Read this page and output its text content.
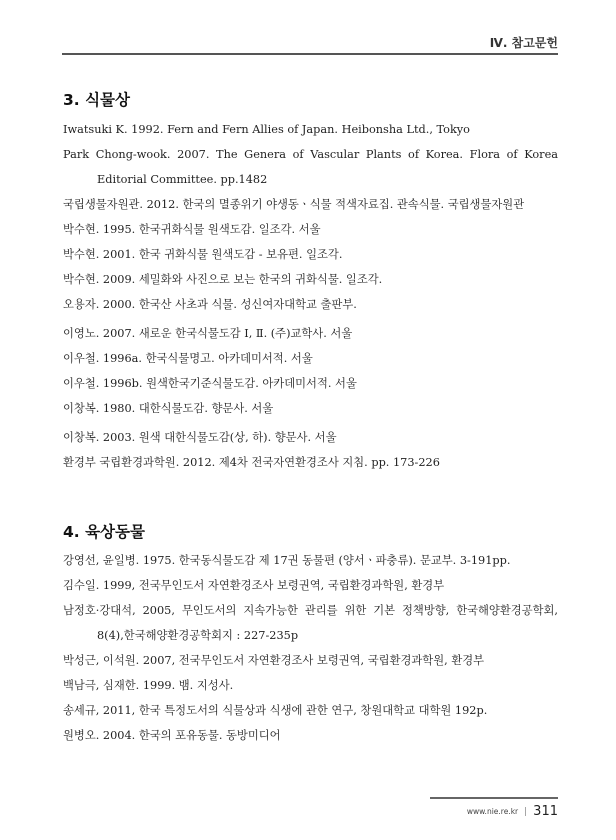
Ⅳ. 참고문헌
3. 식물상
Iwatsuki K. 1992. Fern and Fern Allies of Japan. Heibonsha Ltd., Tokyo
Park Chong-wook. 2007. The Genera of Vascular Plants of Korea. Flora of Korea Editorial Committee. pp.1482
국립생물자원관. 2012. 한국의 멸종위기 야생동ㆍ식물 적색자료집. 관속식물. 국립생물자원관
박수현. 1995. 한국귀화식물 원색도감. 일조각. 서울
박수현. 2001. 한국 귀화식물 원색도감 - 보유편. 일조각.
박수현. 2009. 세밀화와 사진으로 보는 한국의 귀화식물. 일조각.
오용자. 2000. 한국산 사초과 식물. 성신여자대학교 출판부.
이영노. 2007. 새로운 한국식물도감 Ⅰ, Ⅱ. (주)교학사. 서울
이우철. 1996a. 한국식물명고. 아카데미서적. 서울
이우철. 1996b. 원색한국기준식물도감. 아카데미서적. 서울
이창복. 1980. 대한식물도감. 향문사. 서울
이창복. 2003. 원색 대한식물도감(상, 하). 향문사. 서울
환경부 국립환경과학원. 2012. 제4차 전국자연환경조사 지침. pp. 173-226
4. 육상동물
강영선, 윤일병. 1975. 한국동식물도감 제 17권 동물편 (양서ㆍ파충류). 문교부. 3-191pp.
김수일. 1999, 전국무인도서 자연환경조사 보령권역, 국립환경과학원, 환경부
남정호·강대석, 2005, 무인도서의 지속가능한 관리를 위한 기본 정책방향, 한국해양환경공학회, 8(4),한국해양환경공학회지 : 227-235p
박성근, 이석원. 2007, 전국무인도서 자연환경조사 보령권역, 국립환경과학원, 환경부
백남극, 심재한. 1999. 뱀. 지성사.
송세규, 2011, 한국 특정도서의 식물상과 식생에 관한 연구, 창원대학교 대학원 192p.
원병오. 2004. 한국의 포유동물. 동방미디어
www.nie.re.kr | 311
